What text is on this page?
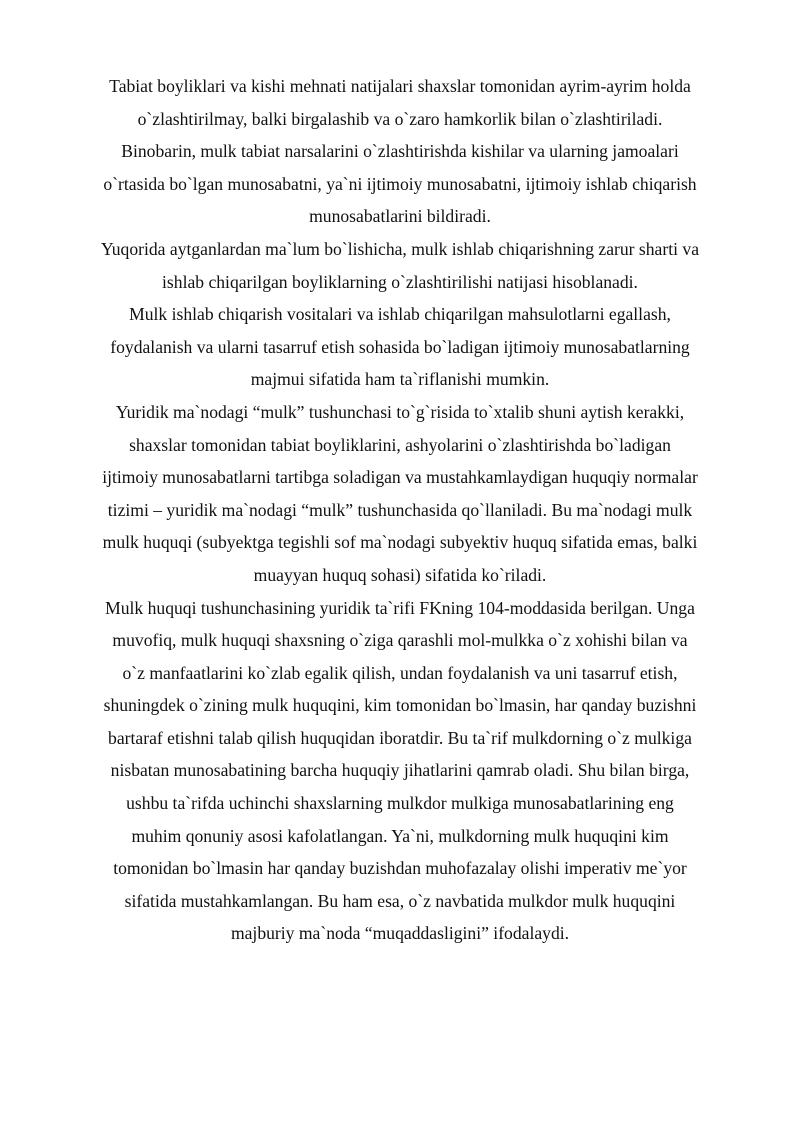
Tabiat boyliklari va kishi mehnati natijalari shaxslar tomonidan ayrim-ayrim holda o`zlashtirilmay, balki birgalashib va o`zaro hamkorlik bilan o`zlashtiriladi. Binobarin, mulk tabiat narsalarini o`zlashtirishda kishilar va ularning jamoalari o`rtasida bo`lgan munosabatni, ya`ni ijtimoiy munosabatni, ijtimoiy ishlab chiqarish munosabatlarini bildiradi.

Yuqorida aytganlardan ma`lum bo`lishicha, mulk ishlab chiqarishning zarur sharti va ishlab chiqarilgan boyliklarning o`zlashtirilishi natijasi hisoblanadi.

Mulk ishlab chiqarish vositalari va ishlab chiqarilgan mahsulotlarni egallash, foydalanish va ularni tasarruf etish sohasida bo`ladigan ijtimoiy munosabatlarning majmui sifatida ham ta`riflanishi mumkin.

Yuridik ma`nodagi “mulk” tushunchasi to`g`risida to`xtalib shuni aytish kerakki, shaxslar tomonidan tabiat boyliklarini, ashyolarini o`zlashtirishda bo`ladigan ijtimoiy munosabatlarni tartibga soladigan va mustahkamlaydigan huquqiy normalar tizimi – yuridik ma`nodagi “mulk” tushunchasida qo`llaniladi. Bu ma`nodagi mulk mulk huquqi (subyektga tegishli sof ma`nodagi subyektiv huquq sifatida emas, balki muayyan huquq sohasi) sifatida ko`riladi.

Mulk huquqi tushunchasining yuridik ta`rifi FKning 104-moddasida berilgan. Unga muvofiq, mulk huquqi shaxsning o`ziga qarashli mol-mulkka o`z xohishi bilan va o`z manfaatlarini ko`zlab egalik qilish, undan foydalanish va uni tasarruf etish, shuningdek o`zining mulk huquqini, kim tomonidan bo`lmasin, har qanday buzishni bartaraf etishni talab qilish huquqidan iboratdir. Bu ta`rif mulkdorning o`z mulkiga nisbatan munosabatining barcha huquqiy jihatlarini qamrab oladi. Shu bilan birga, ushbu ta`rifda uchinchi shaxslarning mulkdor mulkiga munosabatlarining eng muhim qonuniy asosi kafolatlangan. Ya`ni, mulkdorning mulk huquqini kim tomonidan bo`lmasin har qanday buzishdan muhofazalay olishi imperativ me`yor sifatida mustahkamlangan. Bu ham esa, o`z navbatida mulkdor mulk huquqini majburiy ma`noda “muqaddasligini” ifodalaydi.
